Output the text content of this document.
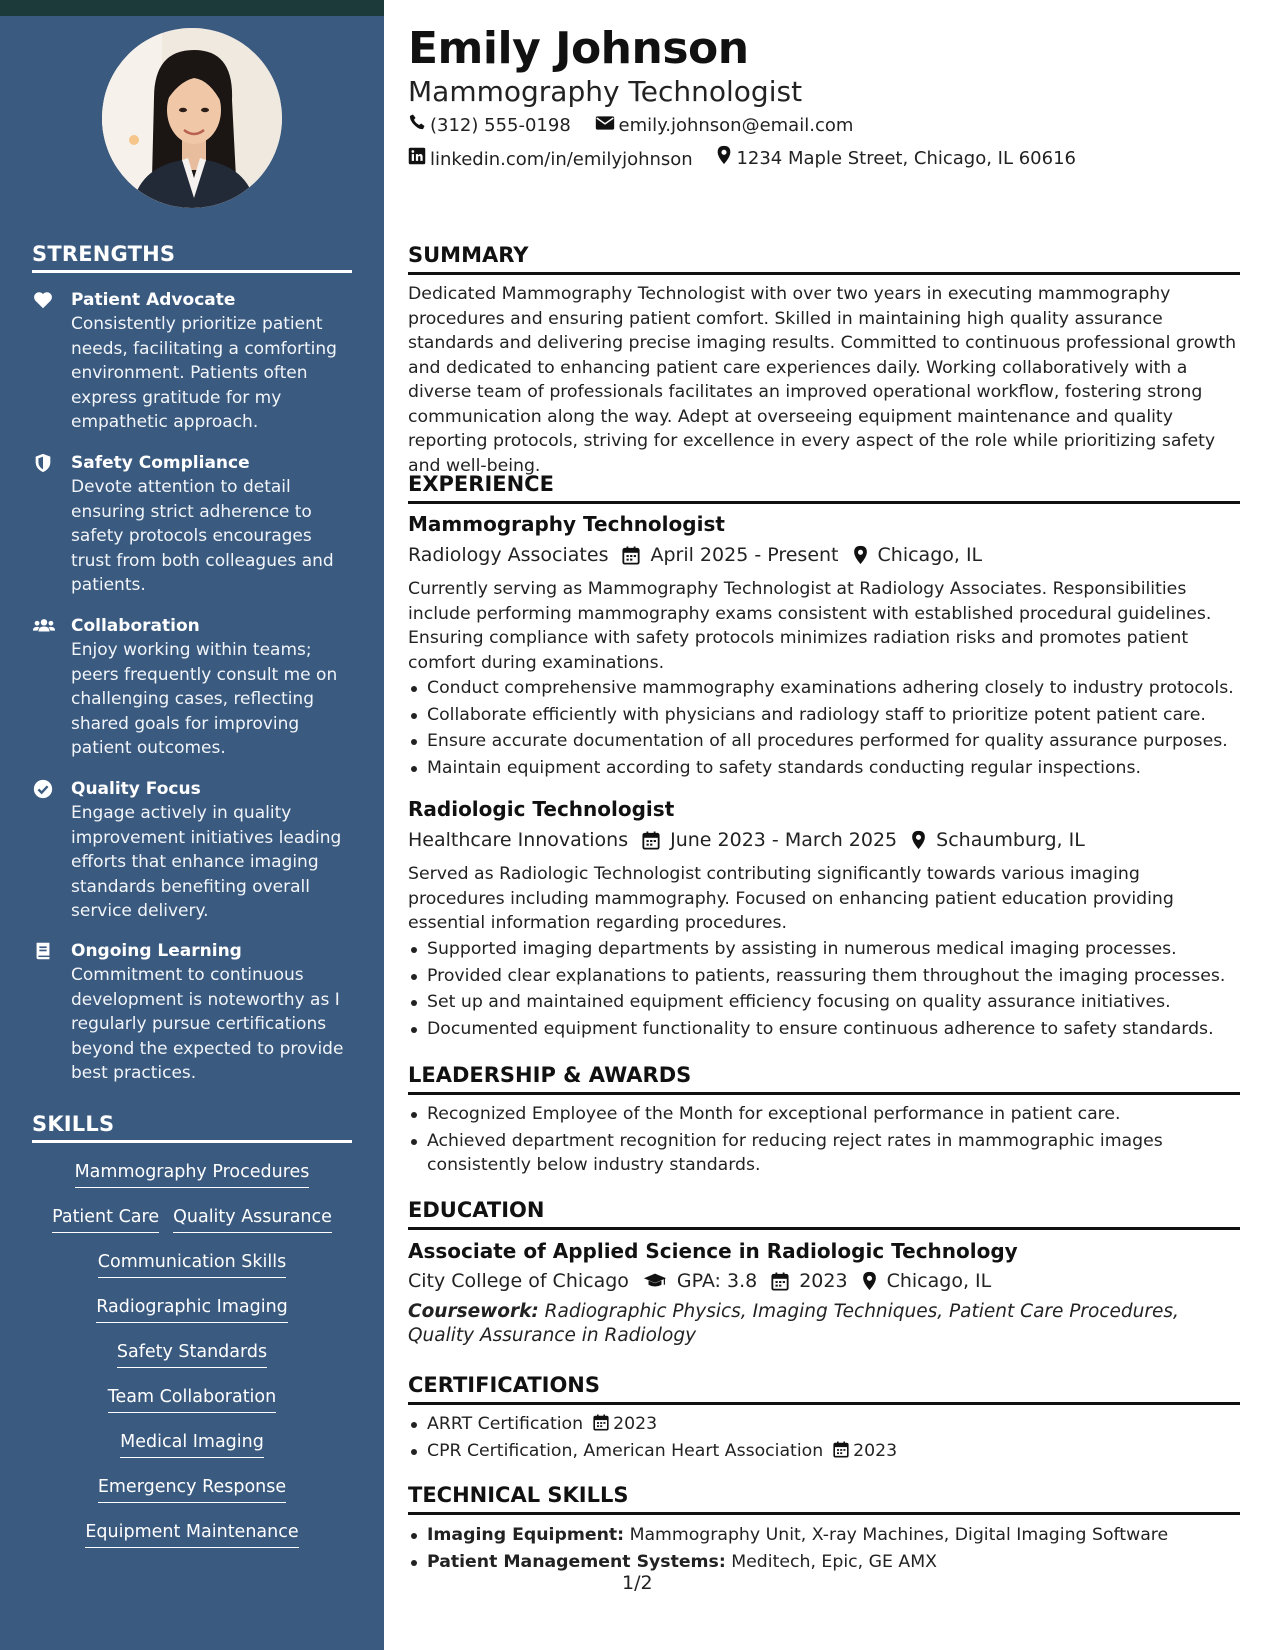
STRENGTHS
Patient Advocate
Consistently prioritize patient needs, facilitating a comforting environment. Patients often express gratitude for my empathetic approach.
Safety Compliance
Devote attention to detail ensuring strict adherence to safety protocols encourages trust from both colleagues and patients.
Collaboration
Enjoy working within teams; peers frequently consult me on challenging cases, reflecting shared goals for improving patient outcomes.
Quality Focus
Engage actively in quality improvement initiatives leading efforts that enhance imaging standards benefiting overall service delivery.
Ongoing Learning
Commitment to continuous development is noteworthy as I regularly pursue certifications beyond the expected to provide best practices.
SKILLS
Mammography Procedures
Patient Care Quality Assurance
Communication Skills
Radiographic Imaging
Safety Standards
Team Collaboration
Medical Imaging
Emergency Response
Equipment Maintenance
Emily Johnson
Mammography Technologist
(312) 555-0198
	emily.johnson@email.com
linkedin.com/in/emilyjohnson
1234 Maple Street, Chicago, IL 60616
SUMMARY
Dedicated Mammography Technologist with over two years in executing mammography procedures and ensuring patient comfort. Skilled in maintaining high quality assurance standards and delivering precise imaging results. Committed to continuous professional growth and dedicated to enhancing patient care experiences daily. Working collaboratively with a diverse team of professionals facilitates an improved operational workflow, fostering strong communication along the way. Adept at overseeing equipment maintenance and quality reporting protocols, striving for excellence in every aspect of the role while prioritizing safety and well-being.
EXPERIENCE
Mammography Technologist
Radiology Associates April 2025 - Present Chicago, IL
Currently serving as Mammography Technologist at Radiology Associates. Responsibilities include performing mammography exams consistent with established procedural guidelines. Ensuring compliance with safety protocols minimizes radiation risks and promotes patient comfort during examinations.
Conduct comprehensive mammography examinations adhering closely to industry protocols.
Collaborate efficiently with physicians and radiology staff to prioritize potent patient care.
Ensure accurate documentation of all procedures performed for quality assurance purposes.
Maintain equipment according to safety standards conducting regular inspections.
Radiologic Technologist
Healthcare Innovations June 2023 - March 2025 Schaumburg, IL
Served as Radiologic Technologist contributing significantly towards various imaging procedures including mammography. Focused on enhancing patient education providing essential information regarding procedures.
Supported imaging departments by assisting in numerous medical imaging processes.
Provided clear explanations to patients, reassuring them throughout the imaging processes.
Set up and maintained equipment efficiency focusing on quality assurance initiatives.
Documented equipment functionality to ensure continuous adherence to safety standards.
LEADERSHIP & AWARDS
Recognized Employee of the Month for exceptional performance in patient care.
Achieved department recognition for reducing reject rates in mammographic images consistently below industry standards.
EDUCATION
Associate of Applied Science in Radiologic Technology
City College of Chicago	GPA: 3.8 2023 Chicago, IL
Coursework: Radiographic Physics, Imaging Techniques, Patient Care Procedures, Quality Assurance in Radiology
CERTIFICATIONS
ARRT Certification 2023
CPR Certification, American Heart Association 2023
TECHNICAL SKILLS
Imaging Equipment: Mammography Unit, X-ray Machines, Digital Imaging Software
Patient Management Systems: Meditech, Epic, GE AMX
1/2
